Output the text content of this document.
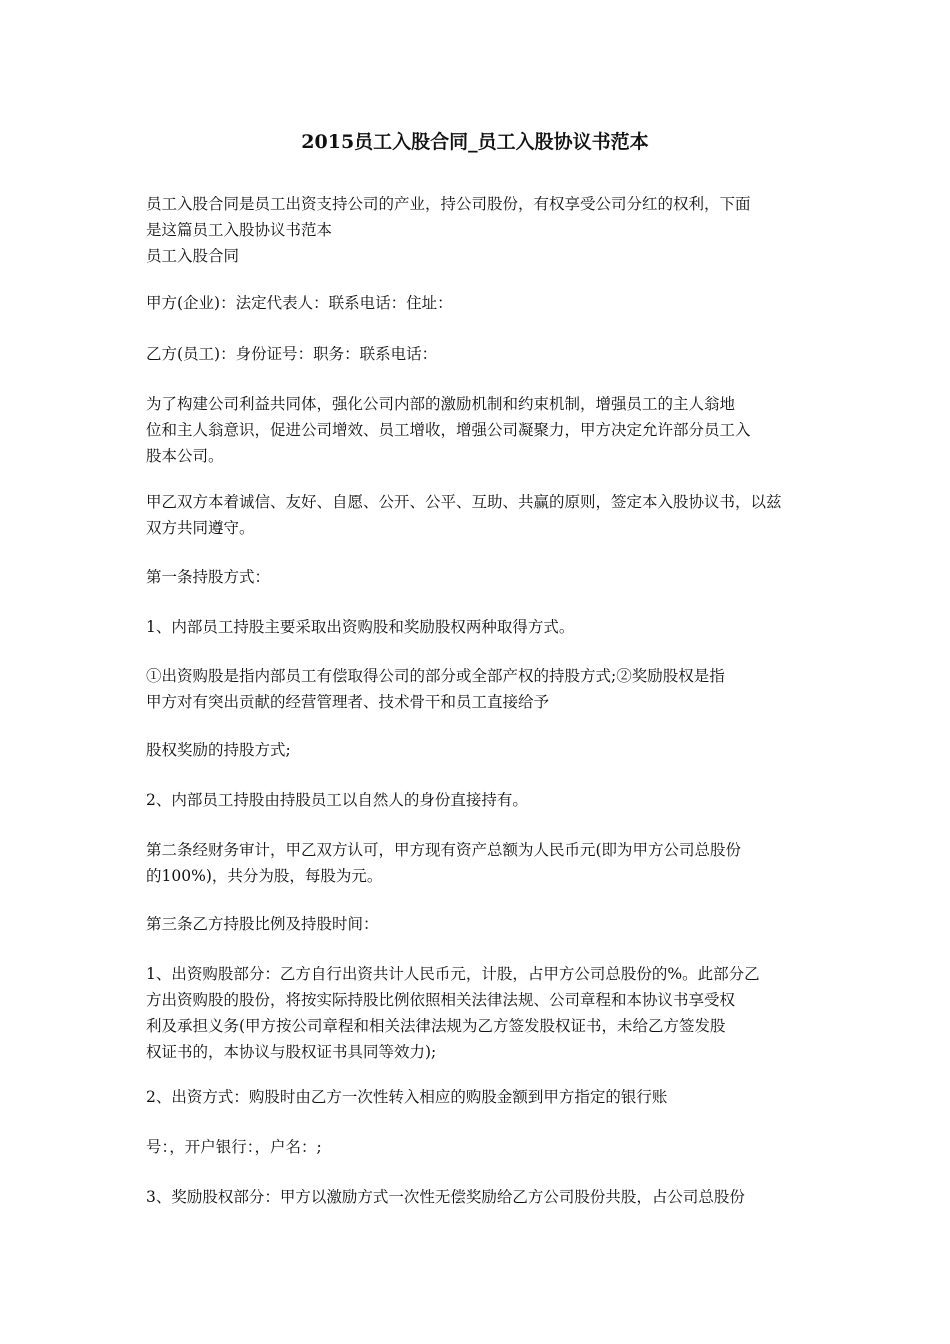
2015员工入股合同_员工入股协议书范本
员工入股合同是员工出资支持公司的产业，持公司股份，有权享受公司分红的权利，下面
是这篇员工入股协议书范本
员工入股合同
甲方(企业)：法定代表人：联系电话：住址：
乙方(员工)：身份证号：职务：联系电话：
为了构建公司利益共同体，强化公司内部的激励机制和约束机制，增强员工的主人翁地
位和主人翁意识，促进公司增效、员工增收，增强公司凝聚力，甲方决定允许部分员工入
股本公司。
甲乙双方本着诚信、友好、自愿、公开、公平、互助、共赢的原则，签定本入股协议书，以兹
双方共同遵守。
第一条持股方式：
1、内部员工持股主要采取出资购股和奖励股权两种取得方式。
①出资购股是指内部员工有偿取得公司的部分或全部产权的持股方式;②奖励股权是指
甲方对有突出贡献的经营管理者、技术骨干和员工直接给予
股权奖励的持股方式;
2、内部员工持股由持股员工以自然人的身份直接持有。
第二条经财务审计，甲乙双方认可，甲方现有资产总额为人民币元(即为甲方公司总股份
的100%)，共分为股，每股为元。
第三条乙方持股比例及持股时间：
1、出资购股部分：乙方自行出资共计人民币元，计股，占甲方公司总股份的%。此部分乙
方出资购股的股份，将按实际持股比例依照相关法律法规、公司章程和本协议书享受权
利及承担义务(甲方按公司章程和相关法律法规为乙方签发股权证书，未给乙方签发股
权证书的，本协议与股权证书具同等效力);
2、出资方式：购股时由乙方一次性转入相应的购股金额到甲方指定的银行账
号：，开户银行：，户名：;
3、奖励股权部分：甲方以激励方式一次性无偿奖励给乙方公司股份共股，占公司总股份
